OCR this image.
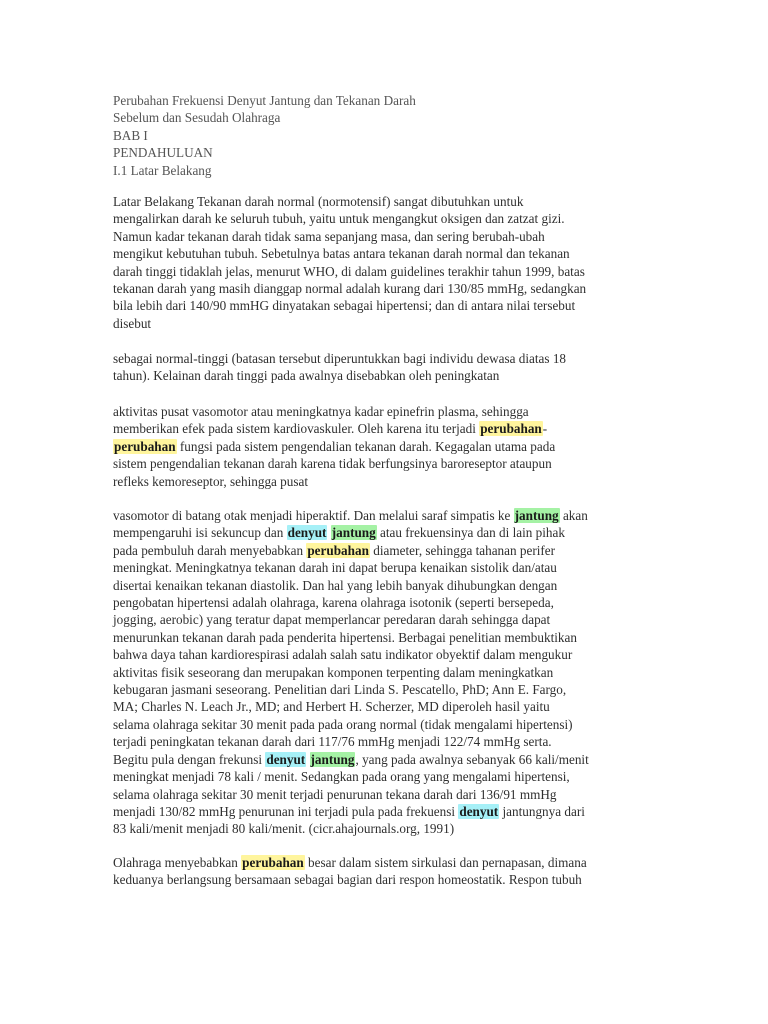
Perubahan Frekuensi Denyut Jantung dan Tekanan Darah
Sebelum dan Sesudah Olahraga
BAB I
PENDAHULUAN
I.1 Latar Belakang
Latar Belakang Tekanan darah normal (normotensif) sangat dibutuhkan untuk
mengalirkan darah ke seluruh tubuh, yaitu untuk mengangkut oksigen dan zatzat gizi.
Namun kadar tekanan darah tidak sama sepanjang masa, dan sering berubah-ubah
mengikut kebutuhan tubuh. Sebetulnya batas antara tekanan darah normal dan tekanan
darah tinggi tidaklah jelas, menurut WHO, di dalam guidelines terakhir tahun 1999, batas
tekanan darah yang masih dianggap normal adalah kurang dari 130/85 mmHg, sedangkan
bila lebih dari 140/90 mmHG dinyatakan sebagai hipertensi; dan di antara nilai tersebut
disebut
sebagai normal-tinggi (batasan tersebut diperuntukkan bagi individu dewasa diatas 18
tahun). Kelainan darah tinggi pada awalnya disebabkan oleh peningkatan
aktivitas pusat vasomotor atau meningkatnya kadar epinefrin plasma, sehingga
memberikan efek pada sistem kardiovaskuler. Oleh karena itu terjadi perubahan-
perubahan fungsi pada sistem pengendalian tekanan darah. Kegagalan utama pada
sistem pengendalian tekanan darah karena tidak berfungsinya baroreseptor ataupun
refleks kemoreseptor, sehingga pusat
vasomotor di batang otak menjadi hiperaktif. Dan melalui saraf simpatis ke jantung akan
mempengaruhi isi sekuncup dan denyut jantung atau frekuensinya dan di lain pihak
pada pembuluh darah menyebabkan perubahan diameter, sehingga tahanan perifer
meningkat. Meningkatnya tekanan darah ini dapat berupa kenaikan sistolik dan/atau
disertai kenaikan tekanan diastolik. Dan hal yang lebih banyak dihubungkan dengan
pengobatan hipertensi adalah olahraga, karena olahraga isotonik (seperti bersepeda,
jogging, aerobic) yang teratur dapat memperlancar peredaran darah sehingga dapat
menurunkan tekanan darah pada penderita hipertensi. Berbagai penelitian membuktikan
bahwa daya tahan kardiorespirasi adalah salah satu indikator obyektif dalam mengukur
aktivitas fisik seseorang dan merupakan komponen terpenting dalam meningkatkan
kebugaran jasmani seseorang. Penelitian dari Linda S. Pescatello, PhD; Ann E. Fargo,
MA; Charles N. Leach Jr., MD; and Herbert H. Scherzer, MD diperoleh hasil yaitu
selama olahraga sekitar 30 menit pada pada orang normal (tidak mengalami hipertensi)
terjadi peningkatan tekanan darah dari 117/76 mmHg menjadi 122/74 mmHg serta.
Begitu pula dengan frekunsi denyut jantung, yang pada awalnya sebanyak 66 kali/menit
meningkat menjadi 78 kali / menit. Sedangkan pada orang yang mengalami hipertensi,
selama olahraga sekitar 30 menit terjadi penurunan tekana darah dari 136/91 mmHg
menjadi 130/82 mmHg penurunan ini terjadi pula pada frekuensi denyut jantungnya dari
83 kali/menit menjadi 80 kali/menit. (cicr.ahajournals.org, 1991)
Olahraga menyebabkan perubahan besar dalam sistem sirkulasi dan pernapasan, dimana
keduanya berlangsung bersamaan sebagai bagian dari respon homeostatik. Respon tubuh
